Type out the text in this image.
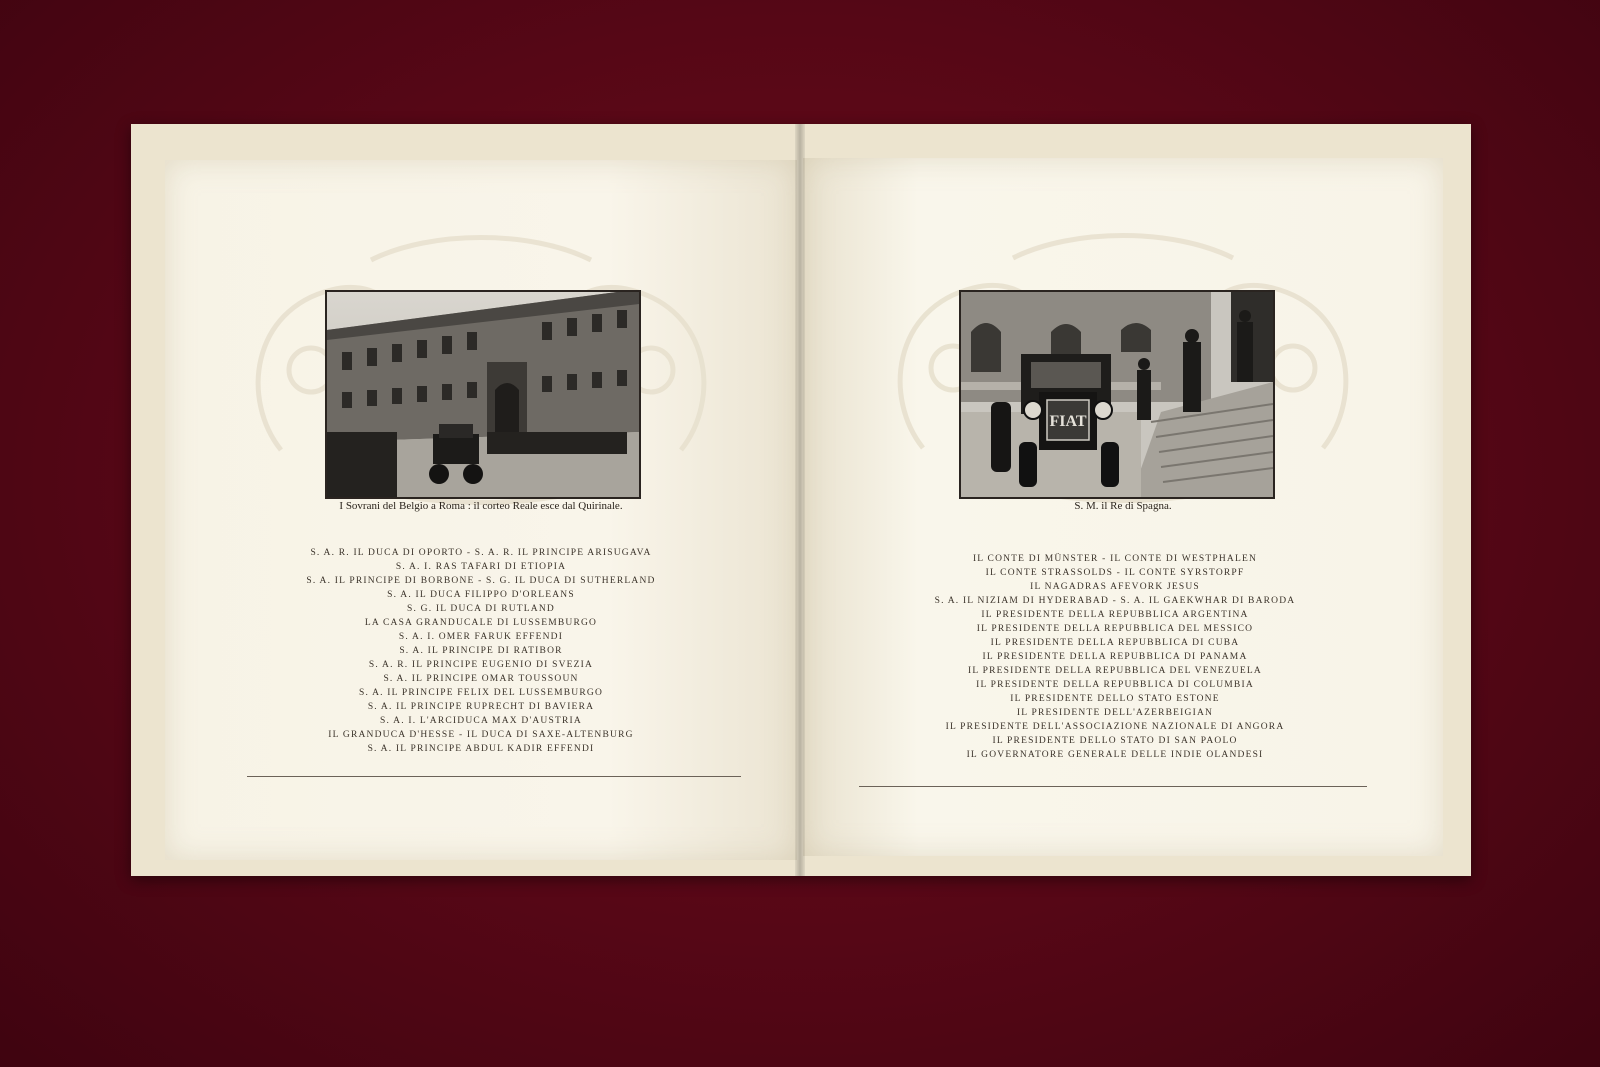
I Sovrani del Belgio a Roma : il corteo Reale esce dal Quirinale.
S. A. R. IL DUCA DI OPORTO - S. A. R. IL PRINCIPE ARISUGAVA
S. A. I. RAS TAFARI DI ETIOPIA
S. A. IL PRINCIPE DI BORBONE - S. G. IL DUCA DI SUTHERLAND
S. A. IL DUCA FILIPPO D'ORLEANS
S. G. IL DUCA DI RUTLAND
LA CASA GRANDUCALE DI LUSSEMBURGO
S. A. I. OMER FARUK EFFENDI
S. A. IL PRINCIPE DI RATIBOR
S. A. R. IL PRINCIPE EUGENIO DI SVEZIA
S. A. IL PRINCIPE OMAR TOUSSOUN
S. A. IL PRINCIPE FELIX DEL LUSSEMBURGO
S. A. IL PRINCIPE RUPRECHT DI BAVIERA
S. A. I. L'ARCIDUCA MAX D'AUSTRIA
IL GRANDUCA D'HESSE - IL DUCA DI SAXE-ALTENBURG
S. A. IL PRINCIPE ABDUL KADIR EFFENDI
FIAT
S. M. il Re di Spagna.
IL CONTE DI MÜNSTER - IL CONTE DI WESTPHALEN
IL CONTE STRASSOLDS - IL CONTE SYRSTORPF
IL NAGADRAS AFEVORK JESUS
S. A. IL NIZIAM DI HYDERABAD - S. A. IL GAEKWHAR DI BARODA
IL PRESIDENTE DELLA REPUBBLICA ARGENTINA
IL PRESIDENTE DELLA REPUBBLICA DEL MESSICO
IL PRESIDENTE DELLA REPUBBLICA DI CUBA
IL PRESIDENTE DELLA REPUBBLICA DI PANAMA
IL PRESIDENTE DELLA REPUBBLICA DEL VENEZUELA
IL PRESIDENTE DELLA REPUBBLICA DI COLUMBIA
IL PRESIDENTE DELLO STATO ESTONE
IL PRESIDENTE DELL'AZERBEIGIAN
IL PRESIDENTE DELL'ASSOCIAZIONE NAZIONALE DI ANGORA
IL PRESIDENTE DELLO STATO DI SAN PAOLO
IL GOVERNATORE GENERALE DELLE INDIE OLANDESI
